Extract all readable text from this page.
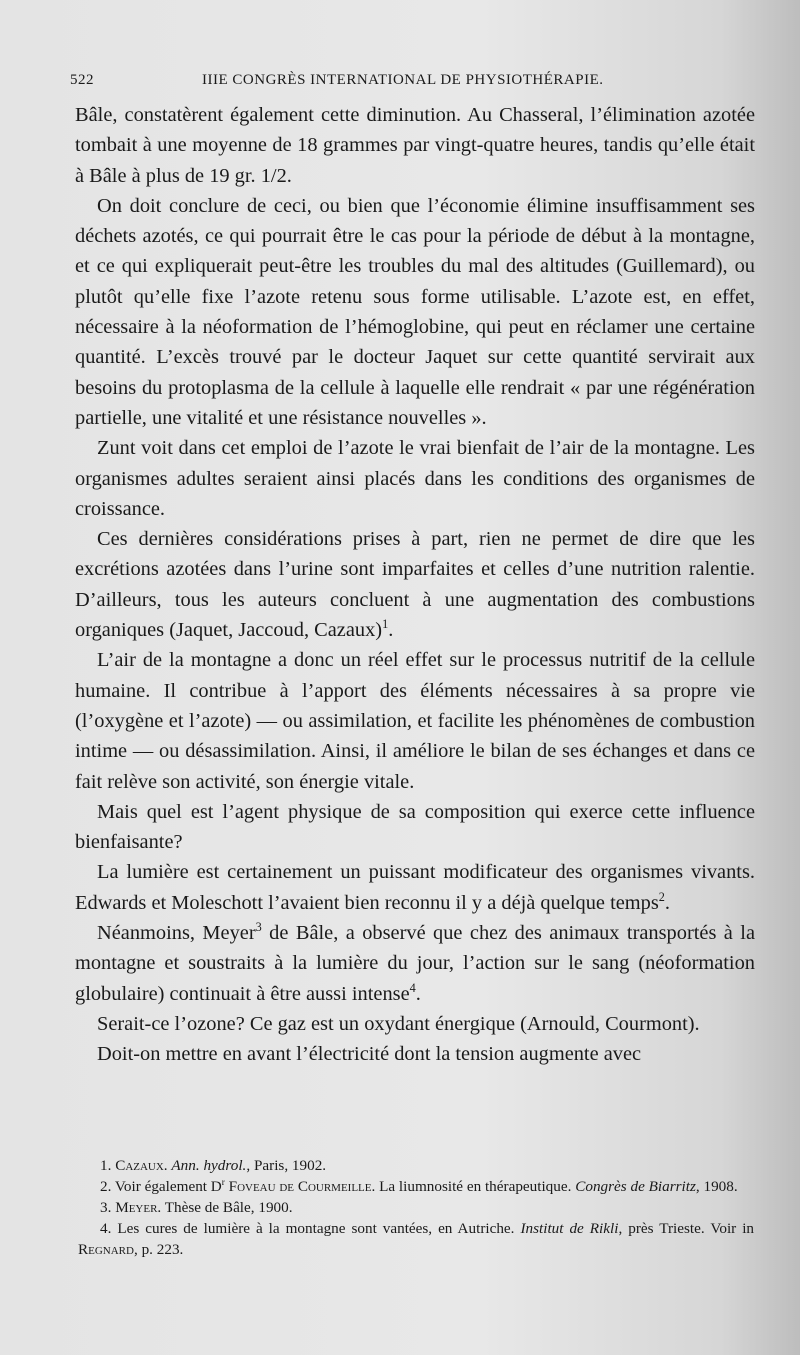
522	IIIE CONGRÈS INTERNATIONAL DE PHYSIOTHÉRAPIE.

Bâle, constatèrent également cette diminution. Au Chasseral, l’élimination azotée tombait à une moyenne de 18 grammes par vingt-quatre heures, tandis qu’elle était à Bâle à plus de 19 gr. 1/2.

On doit conclure de ceci, ou bien que l’économie élimine insuffisamment ses déchets azotés, ce qui pourrait être le cas pour la période de début à la montagne, et ce qui expliquerait peut-être les troubles du mal des altitudes (Guillemard), ou plutôt qu’elle fixe l’azote retenu sous forme utilisable. L’azote est, en effet, nécessaire à la néoformation de l’hémoglobine, qui peut en réclamer une certaine quantité. L’excès trouvé par le docteur Jaquet sur cette quantité servirait aux besoins du protoplasma de la cellule à laquelle elle rendrait « par une régénération partielle, une vitalité et une résistance nouvelles ».

Zunt voit dans cet emploi de l’azote le vrai bienfait de l’air de la montagne. Les organismes adultes seraient ainsi placés dans les conditions des organismes de croissance.

Ces dernières considérations prises à part, rien ne permet de dire que les excrétions azotées dans l’urine sont imparfaites et celles d’une nutrition ralentie. D’ailleurs, tous les auteurs concluent à une augmentation des combustions organiques (Jaquet, Jaccoud, Cazaux)$^1$.

L’air de la montagne a donc un réel effet sur le processus nutritif de la cellule humaine. Il contribue à l’apport des éléments nécessaires à sa propre vie (l’oxygène et l’azote) — ou assimilation, et facilite les phénomènes de combustion intime — ou désassimilation. Ainsi, il améliore le bilan de ses échanges et dans ce fait relève son activité, son énergie vitale.

Mais quel est l’agent physique de sa composition qui exerce cette influence bienfaisante?

La lumière est certainement un puissant modificateur des organismes vivants. Edwards et Moleschott l’avaient bien reconnu il y a déjà quelque temps$^2$.

Néanmoins, Meyer$^3$ de Bâle, a observé que chez des animaux transportés à la montagne et soustraits à la lumière du jour, l’action sur le sang (néoformation globulaire) continuait à être aussi intense$^4$.

Serait-ce l’ozone? Ce gaz est un oxydant énergique (Arnould, Courmont).

Doit-on mettre en avant l’électricité dont la tension augmente avec

1. Cazaux. Ann. hydrol., Paris, 1902.

2. Voir également $D^r$ Foveau de Courmeille. La liumnosité en thérapeutique. Congrès de Biarritz, 1908.

3. Meyer. Thèse de Bâle, 1900.

4. Les cures de lumière à la montagne sont vantées, en Autriche. Institut de Rikli, près Trieste. Voir in Regnard, p. 223.
